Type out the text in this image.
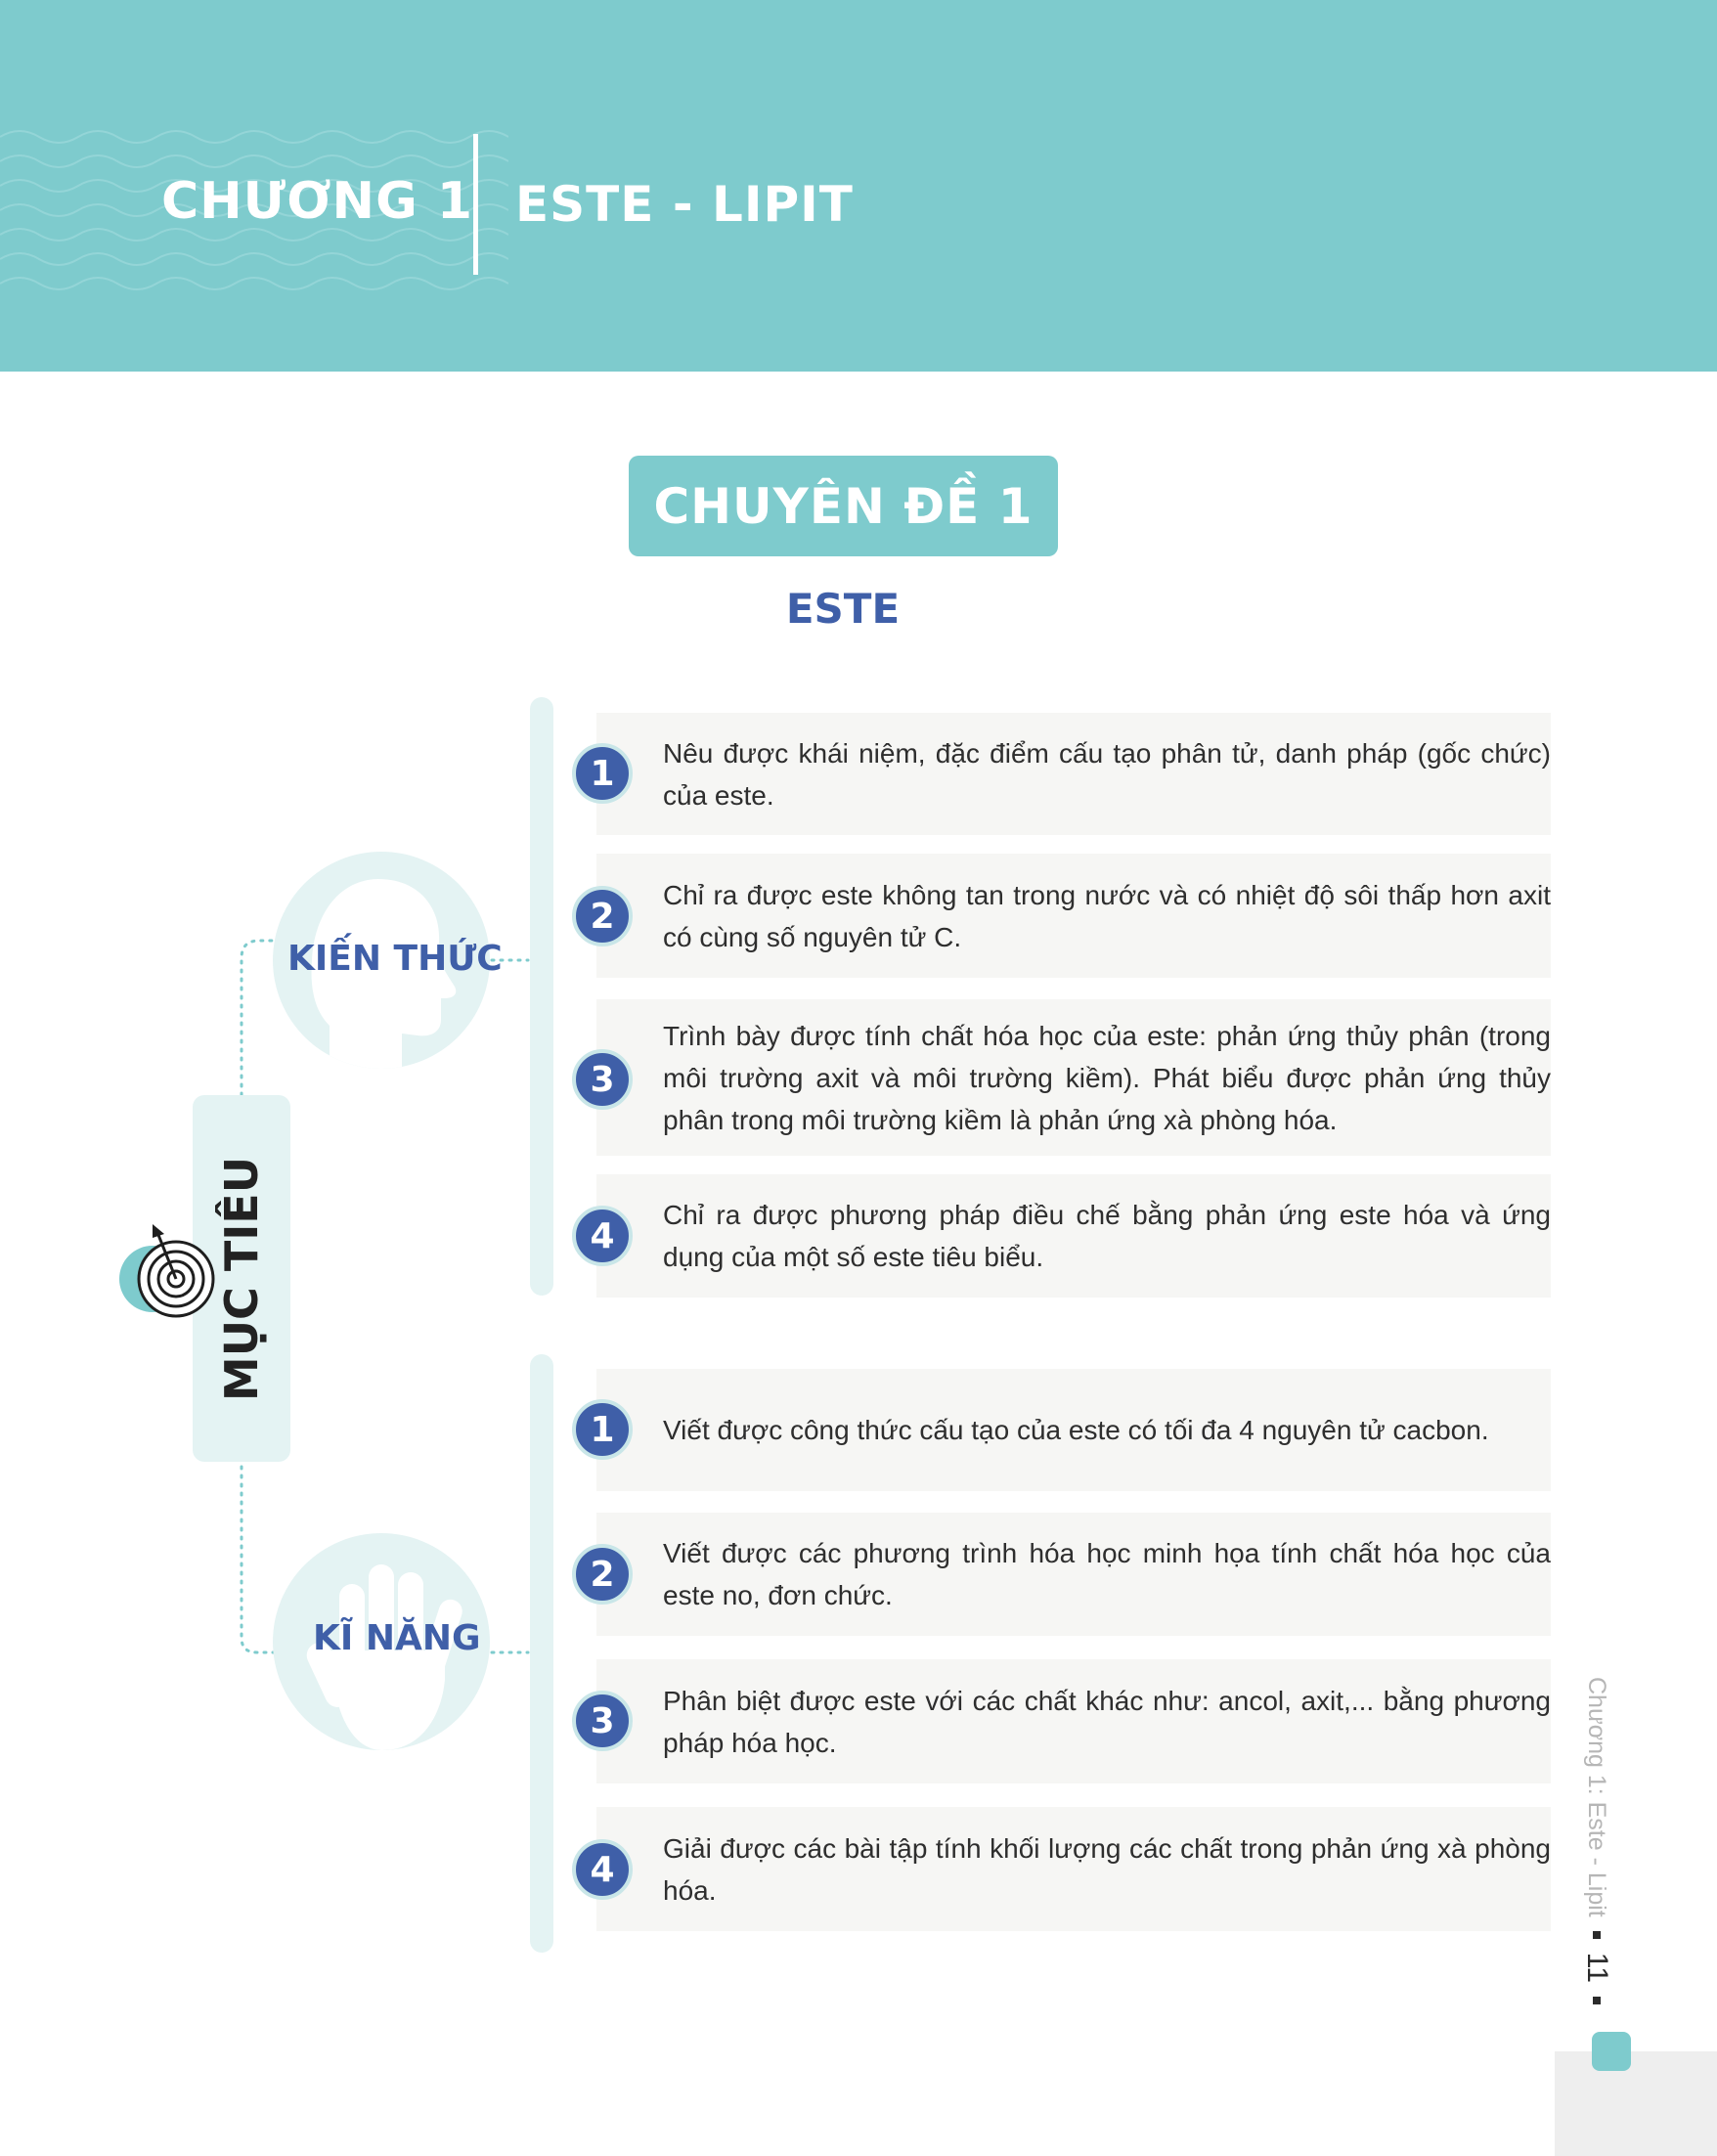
CHƯƠNG 1 ESTE - LIPIT
CHUYÊN ĐỀ 1
ESTE
KIẾN THỨC
KĨ NĂNG
MỤC TIÊU
Nêu được khái niệm, đặc điểm cấu tạo phân tử, danh pháp (gốc chức) của este.
1
Chỉ ra được este không tan trong nước và có nhiệt độ sôi thấp hơn axit có cùng số nguyên tử C.
2
Trình bày được tính chất hóa học của este: phản ứng thủy phân (trong môi trường axit và môi trường kiềm). Phát biểu được phản ứng thủy phân trong môi trường kiềm là phản ứng xà phòng hóa.
3
Chỉ ra được phương pháp điều chế bằng phản ứng este hóa và ứng dụng của một số este tiêu biểu.
4
Viết được công thức cấu tạo của este có tối đa 4 nguyên tử cacbon.
1
Viết được các phương trình hóa học minh họa tính chất hóa học của este no, đơn chức.
2
Phân biệt được este với các chất khác như: ancol, axit,... bằng phương pháp hóa học.
3
Giải được các bài tập tính khối lượng các chất trong phản ứng xà phòng hóa.
4	Chương 1: Este - Lipit
11
